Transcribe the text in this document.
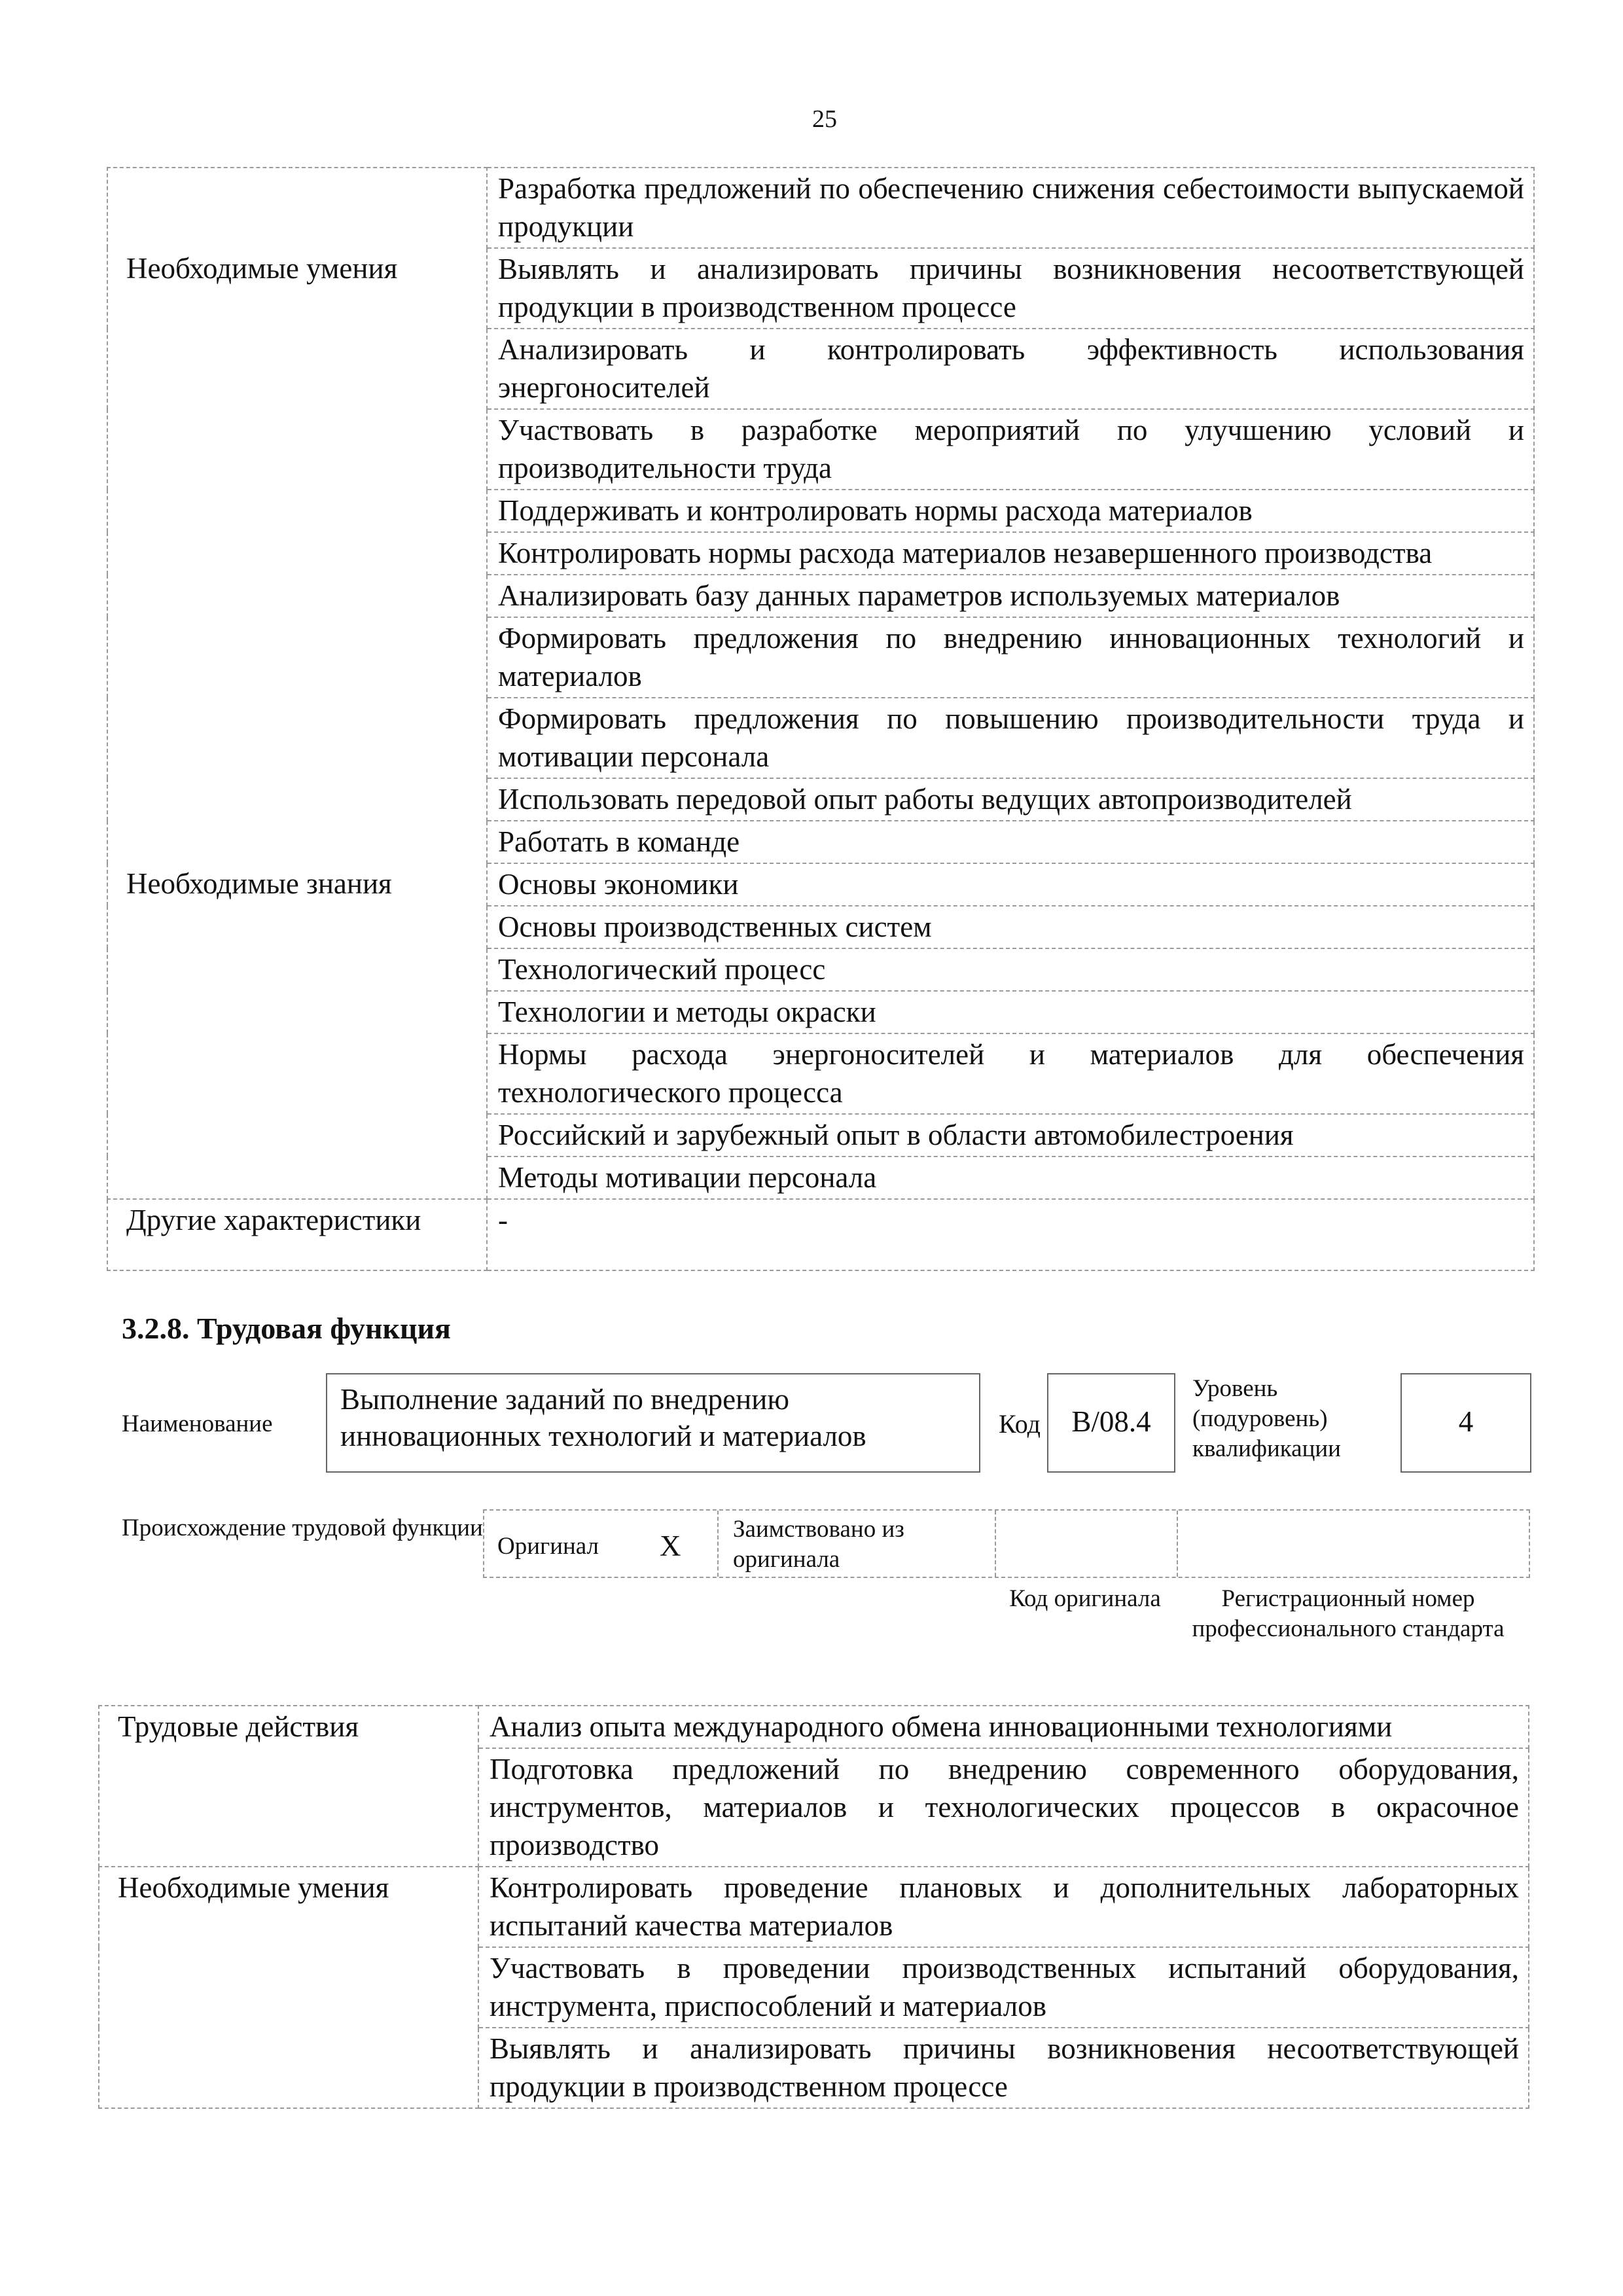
25
	Разработка предложений по обеспечению снижения себестоимости выпускаемой продукции
Необходимые умения	Выявлять и анализировать причины возникновения несоответствующей продукции в производственном процессе
	Анализировать и контролировать эффективность использования энергоносителей
	Участвовать в разработке мероприятий по улучшению условий и производительности труда
	Поддерживать и контролировать нормы расхода материалов
	Контролировать нормы расхода материалов незавершенного производства
	Анализировать базу данных параметров используемых материалов
	Формировать предложения по внедрению инновационных технологий и материалов
	Формировать предложения по повышению производительности труда и мотивации персонала
	Использовать передовой опыт работы ведущих автопроизводителей
	Работать в команде
Необходимые знания	Основы экономики
	Основы производственных систем
	Технологический процесс
	Технологии и методы окраски
	Нормы расхода энергоносителей и материалов для обеспечения технологического процесса
	Российский и зарубежный опыт в области автомобилестроения
	Методы мотивации персонала
Другие характеристики	-
3.2.8. Трудовая функция
Наименование
Выполнение заданий по внедрению инновационных технологий и материалов	Код	B/08.4
Уровень (подуровень) квалификации
4
Происхождение трудовой функции
Оригинал X
Заимствовано из оригинала
Код оригинала	Регистрационный номер профессионального стандарта
Трудовые действия	Анализ опыта международного обмена инновационными технологиями
	Подготовка предложений по внедрению современного оборудования, инструментов, материалов и технологических процессов в окрасочное производство
Необходимые умения	Контролировать проведение плановых и дополнительных лабораторных испытаний качества материалов
	Участвовать в проведении производственных испытаний оборудования, инструмента, приспособлений и материалов
	Выявлять и анализировать причины возникновения несоответствующей продукции в производственном процессе
